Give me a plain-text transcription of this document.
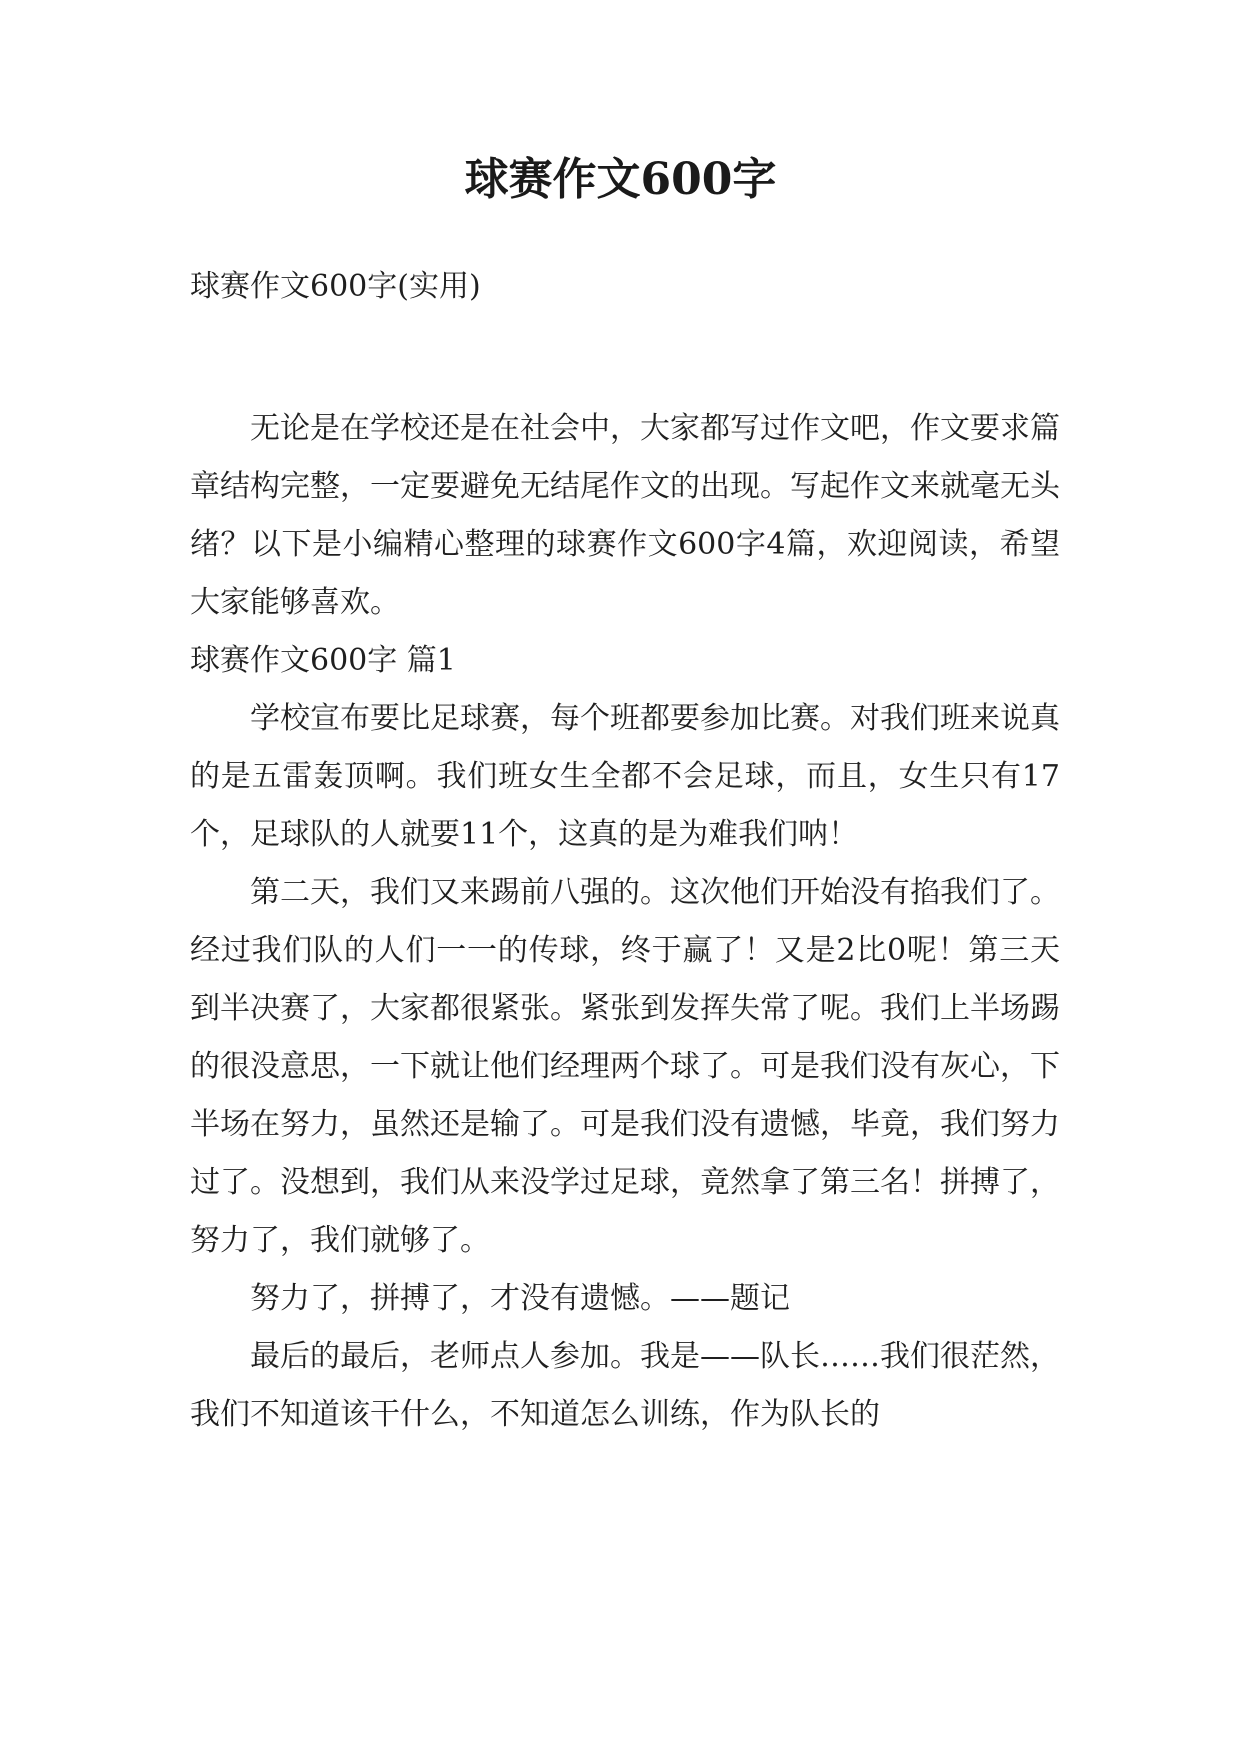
球赛作文600字

球赛作文600字(实用)

无论是在学校还是在社会中，大家都写过作文吧，作文要求篇章结构完整，一定要避免无结尾作文的出现。写起作文来就毫无头绪？以下是小编精心整理的球赛作文600字4篇，欢迎阅读，希望大家能够喜欢。

球赛作文600字 篇1

学校宣布要比足球赛，每个班都要参加比赛。对我们班来说真的是五雷轰顶啊。我们班女生全都不会足球，而且，女生只有17个，足球队的人就要11个，这真的是为难我们呐！

第二天，我们又来踢前八强的。这次他们开始没有掐我们了。经过我们队的人们一一的传球，终于赢了！又是2比0呢！第三天到半决赛了，大家都很紧张。紧张到发挥失常了呢。我们上半场踢的很没意思，一下就让他们经理两个球了。可是我们没有灰心，下半场在努力，虽然还是输了。可是我们没有遗憾，毕竟，我们努力过了。没想到，我们从来没学过足球，竟然拿了第三名！拼搏了，努力了，我们就够了。

努力了，拼搏了，才没有遗憾。——题记

最后的最后，老师点人参加。我是——队长……我们很茫然，我们不知道该干什么，不知道怎么训练，作为队长的
